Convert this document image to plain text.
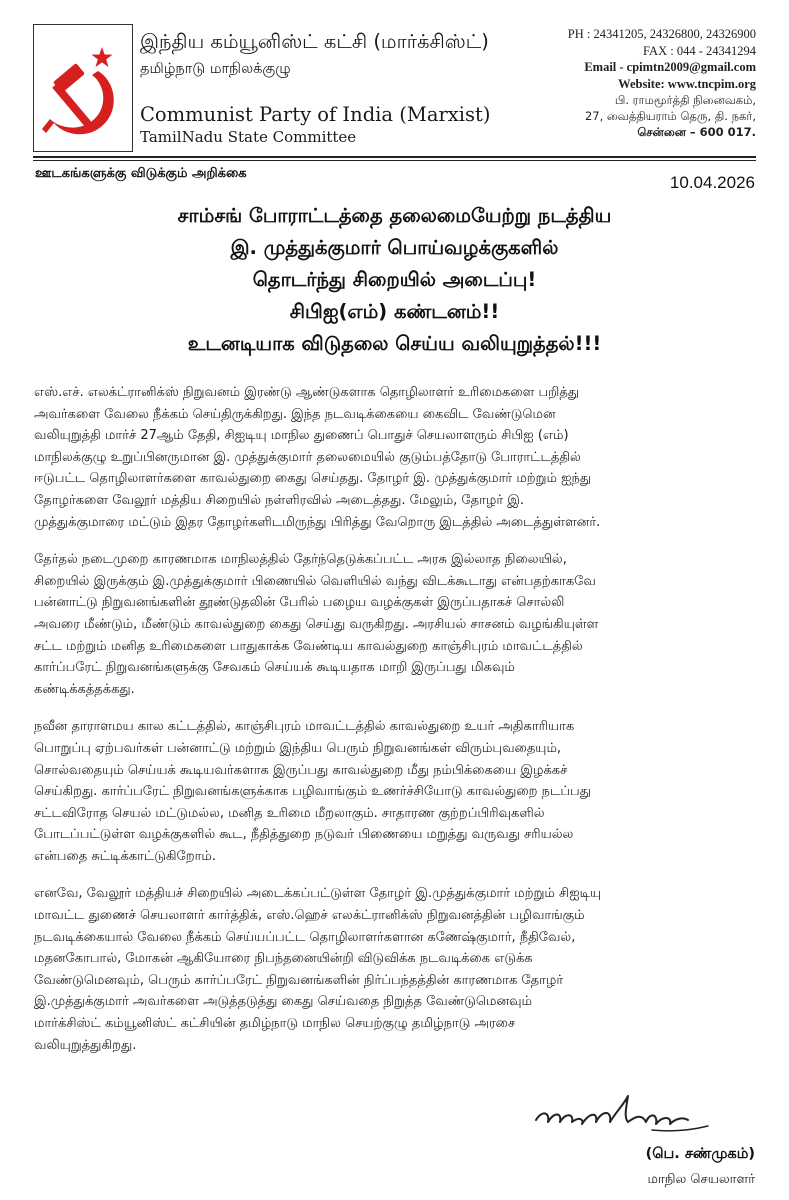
இந்திய கம்யூனிஸ்ட் கட்சி (மார்க்சிஸ்ட்)
தமிழ்நாடு மாநிலக்குழு
Communist Party of India (Marxist)
TamilNadu State Committee
PH : 24341205, 24326800, 24326900
FAX : 044 - 24341294
Email - cpimtn2009@gmail.com
Website: www.tncpim.org
பி. ராமமூர்த்தி நினைவகம்,
27, வைத்தியராம் தெரு, தி. நகர்,
சென்னை – 600 017.
ஊடகங்களுக்கு விடுக்கும் அறிக்கை	10.04.2026
சாம்சங் போராட்டத்தை தலைமையேற்று நடத்திய
இ. முத்துக்குமார் பொய்வழக்குகளில்
தொடர்ந்து சிறையில் அடைப்பு!
சிபிஐ(எம்) கண்டனம்!!
உடனடியாக விடுதலை செய்ய வலியுறுத்தல்!!!
எஸ்.எச். எலக்ட்ரானிக்ஸ் நிறுவனம் இரண்டு ஆண்டுகளாக தொழிலாளர் உரிமைகளை பறித்து
அவர்களை வேலை நீக்கம் செய்திருக்கிறது. இந்த நடவடிக்கையை கைவிட வேண்டுமென
வலியுறுத்தி மார்ச் 27ஆம் தேதி, சிஐடியு மாநில துணைப் பொதுச் செயலாளரும் சிபிஐ (எம்)
மாநிலக்குழு உறுப்பினருமான இ. முத்துக்குமார் தலைமையில் குடும்பத்தோடு போராட்டத்தில்
ஈடுபட்ட தொழிலாளர்களை காவல்துறை கைது செய்தது. தோழர் இ. முத்துக்குமார் மற்றும் ஐந்து
தோழர்களை வேலூர் மத்திய சிறையில் நள்ளிரவில் அடைத்தது. மேலும், தோழர் இ.
முத்துக்குமாரை மட்டும் இதர தோழர்களிடமிருந்து பிரித்து வேறொரு இடத்தில் அடைத்துள்ளனர்.
தேர்தல் நடைமுறை காரணமாக மாநிலத்தில் தேர்ந்தெடுக்கப்பட்ட அரசு இல்லாத நிலையில்,
சிறையில் இருக்கும் இ.முத்துக்குமார் பிணையில் வெளியில் வந்து விடக்கூடாது என்பதற்காகவே
பன்னாட்டு நிறுவனங்களின் தூண்டுதலின் பேரில் பழைய வழக்குகள் இருப்பதாகச் சொல்லி
அவரை மீண்டும், மீண்டும் காவல்துறை கைது செய்து வருகிறது. அரசியல் சாசனம் வழங்கியுள்ள
சட்ட மற்றும் மனித உரிமைகளை பாதுகாக்க வேண்டிய காவல்துறை காஞ்சிபுரம் மாவட்டத்தில்
கார்ப்பரேட் நிறுவனங்களுக்கு சேவகம் செய்யக் கூடியதாக மாறி இருப்பது மிகவும்
கண்டிக்கத்தக்கது.
நவீன தாராளமய கால கட்டத்தில், காஞ்சிபுரம் மாவட்டத்தில் காவல்துறை உயர் அதிகாரியாக
பொறுப்பு ஏற்பவர்கள் பன்னாட்டு மற்றும் இந்திய பெரும் நிறுவனங்கள் விரும்புவதையும்,
சொல்வதையும் செய்யக் கூடியவர்களாக இருப்பது காவல்துறை மீது நம்பிக்கையை இழக்கச்
செய்கிறது. கார்ப்பரேட் நிறுவனங்களுக்காக பழிவாங்கும் உணர்ச்சியோடு காவல்துறை நடப்பது
சட்டவிரோத செயல் மட்டுமல்ல, மனித உரிமை மீறலாகும். சாதாரண குற்றப்பிரிவுகளில்
போடப்பட்டுள்ள வழக்குகளில் கூட, நீதித்துறை நடுவர் பிணையை மறுத்து வருவது சரியல்ல
என்பதை சுட்டிக்காட்டுகிறோம்.
எனவே, வேலூர் மத்தியச் சிறையில் அடைக்கப்பட்டுள்ள தோழர் இ.முத்துக்குமார் மற்றும் சிஐடியு
மாவட்ட துணைச் செயலாளர் கார்த்திக், எஸ்.ஹெச் எலக்ட்ரானிக்ஸ் நிறுவனத்தின் பழிவாங்கும்
நடவடிக்கையால் வேலை நீக்கம் செய்யப்பட்ட தொழிலாளர்களான கணேஷ்குமார், நீதிவேல்,
மதனகோபால், மோகன் ஆகியோரை நிபந்தனையின்றி விடுவிக்க நடவடிக்கை எடுக்க
வேண்டுமெனவும், பெரும் கார்ப்பரேட் நிறுவனங்களின் நிர்ப்பந்தத்தின் காரணமாக தோழர்
இ.முத்துக்குமார் அவர்களை அடுத்தடுத்து கைது செய்வதை நிறுத்த வேண்டுமெனவும்
மார்க்சிஸ்ட் கம்யூனிஸ்ட் கட்சியின் தமிழ்நாடு மாநில செயற்குழு தமிழ்நாடு அரசை
வலியுறுத்துகிறது.
(பெ. சண்முகம்)
மாநில செயலாளர்
